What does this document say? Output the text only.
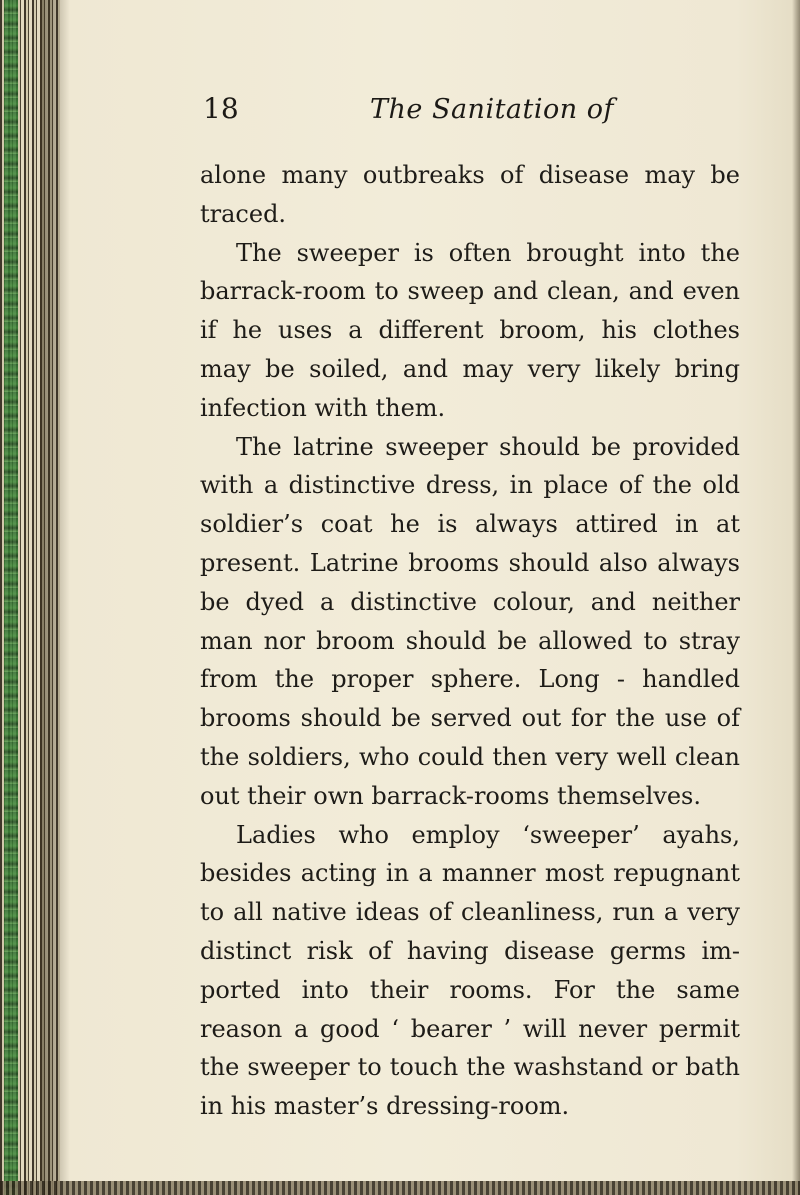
18	The Sanitation of

alone many outbreaks of disease may be traced.

The sweeper is often brought into the barrack-room to sweep and clean, and even if he uses a different broom, his clothes may be soiled, and may very likely bring infection with them.

The latrine sweeper should be provided with a distinctive dress, in place of the old soldier’s coat he is always attired in at present. Latrine brooms should also always be dyed a distinctive colour, and neither man nor broom should be allowed to stray from the proper sphere. Long - handled brooms should be served out for the use of the soldiers, who could then very well clean out their own barrack-rooms themselves.

Ladies who employ ‘sweeper’ ayahs, besides acting in a manner most repugnant to all native ideas of cleanliness, run a very distinct risk of having disease germs im-ported into their rooms. For the same reason a good ‘ bearer ’ will never permit the sweeper to touch the washstand or bath in his master’s dressing-room.
